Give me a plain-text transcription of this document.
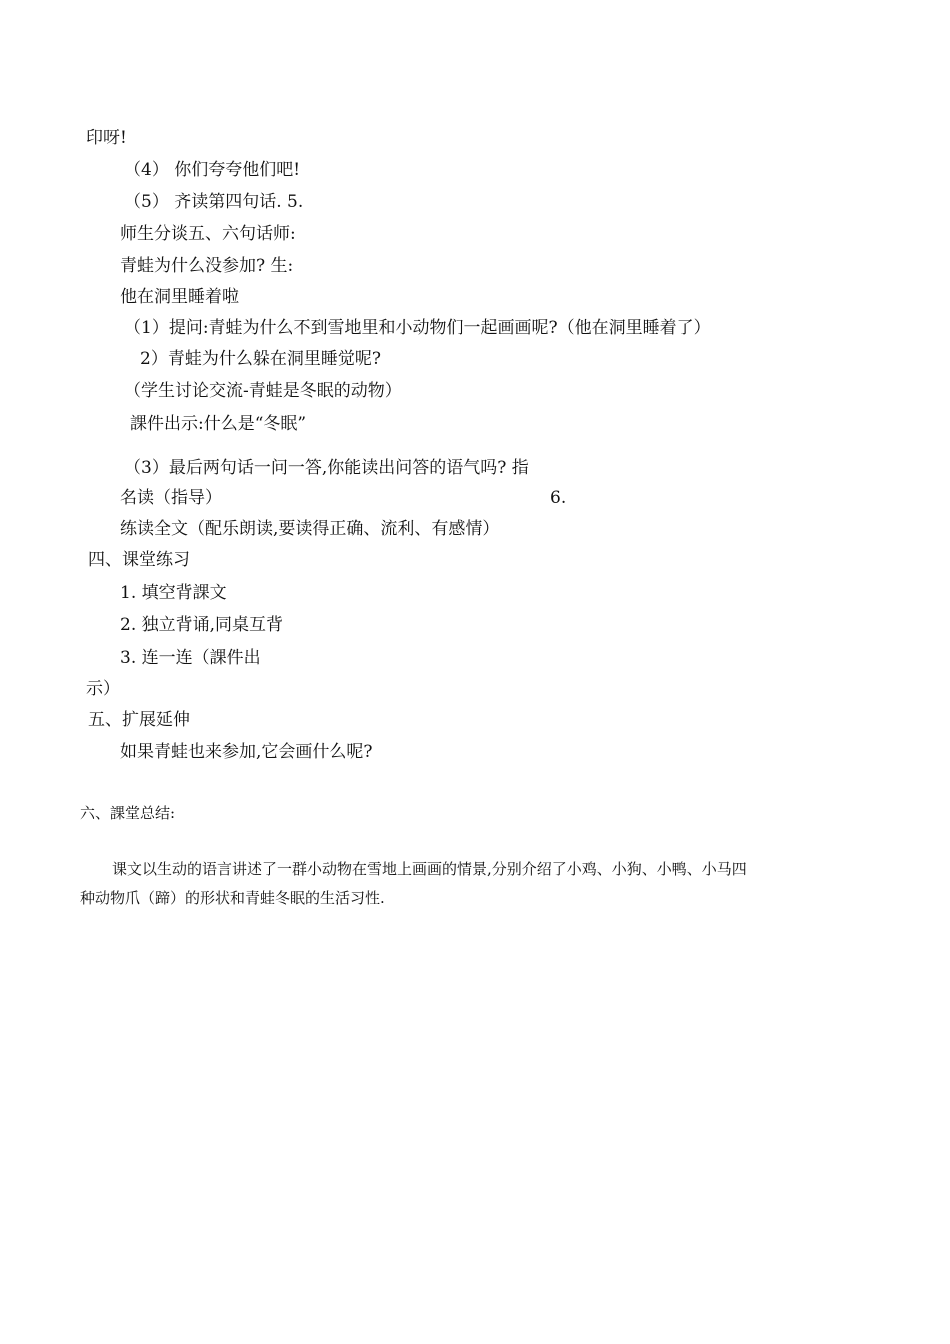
印呀!
（4） 你们夸夸他们吧!
（5） 齐读第四句话. 5.
师生分谈五、六句话师:
青蛙为什么没参加? 生:
他在洞里睡着啦
（1）提问:青蛙为什么不到雪地里和小动物们一起画画呢?（他在洞里睡着了）
2）青蛙为什么躲在洞里睡觉呢?
（学生讨论交流-青蛙是冬眠的动物）
課件出示:什么是“冬眠”
（3）最后两句话一问一答,你能读出问答的语气吗? 指
名读（指导）	6.
练读全文（配乐朗读,要读得正确、流利、有感情）
四、课堂练习
1. 填空背課文
2. 独立背诵,同桌互背
3. 连一连（課件出
示）
五、扩展延伸
如果青蛙也来参加,它会画什么呢?
六、課堂总结:
课文以生动的语言讲述了一群小动物在雪地上画画的情景,分别介绍了小鸡、小狗、小鸭、小马四
种动物爪（蹄）的形状和青蛙冬眠的生活习性.
